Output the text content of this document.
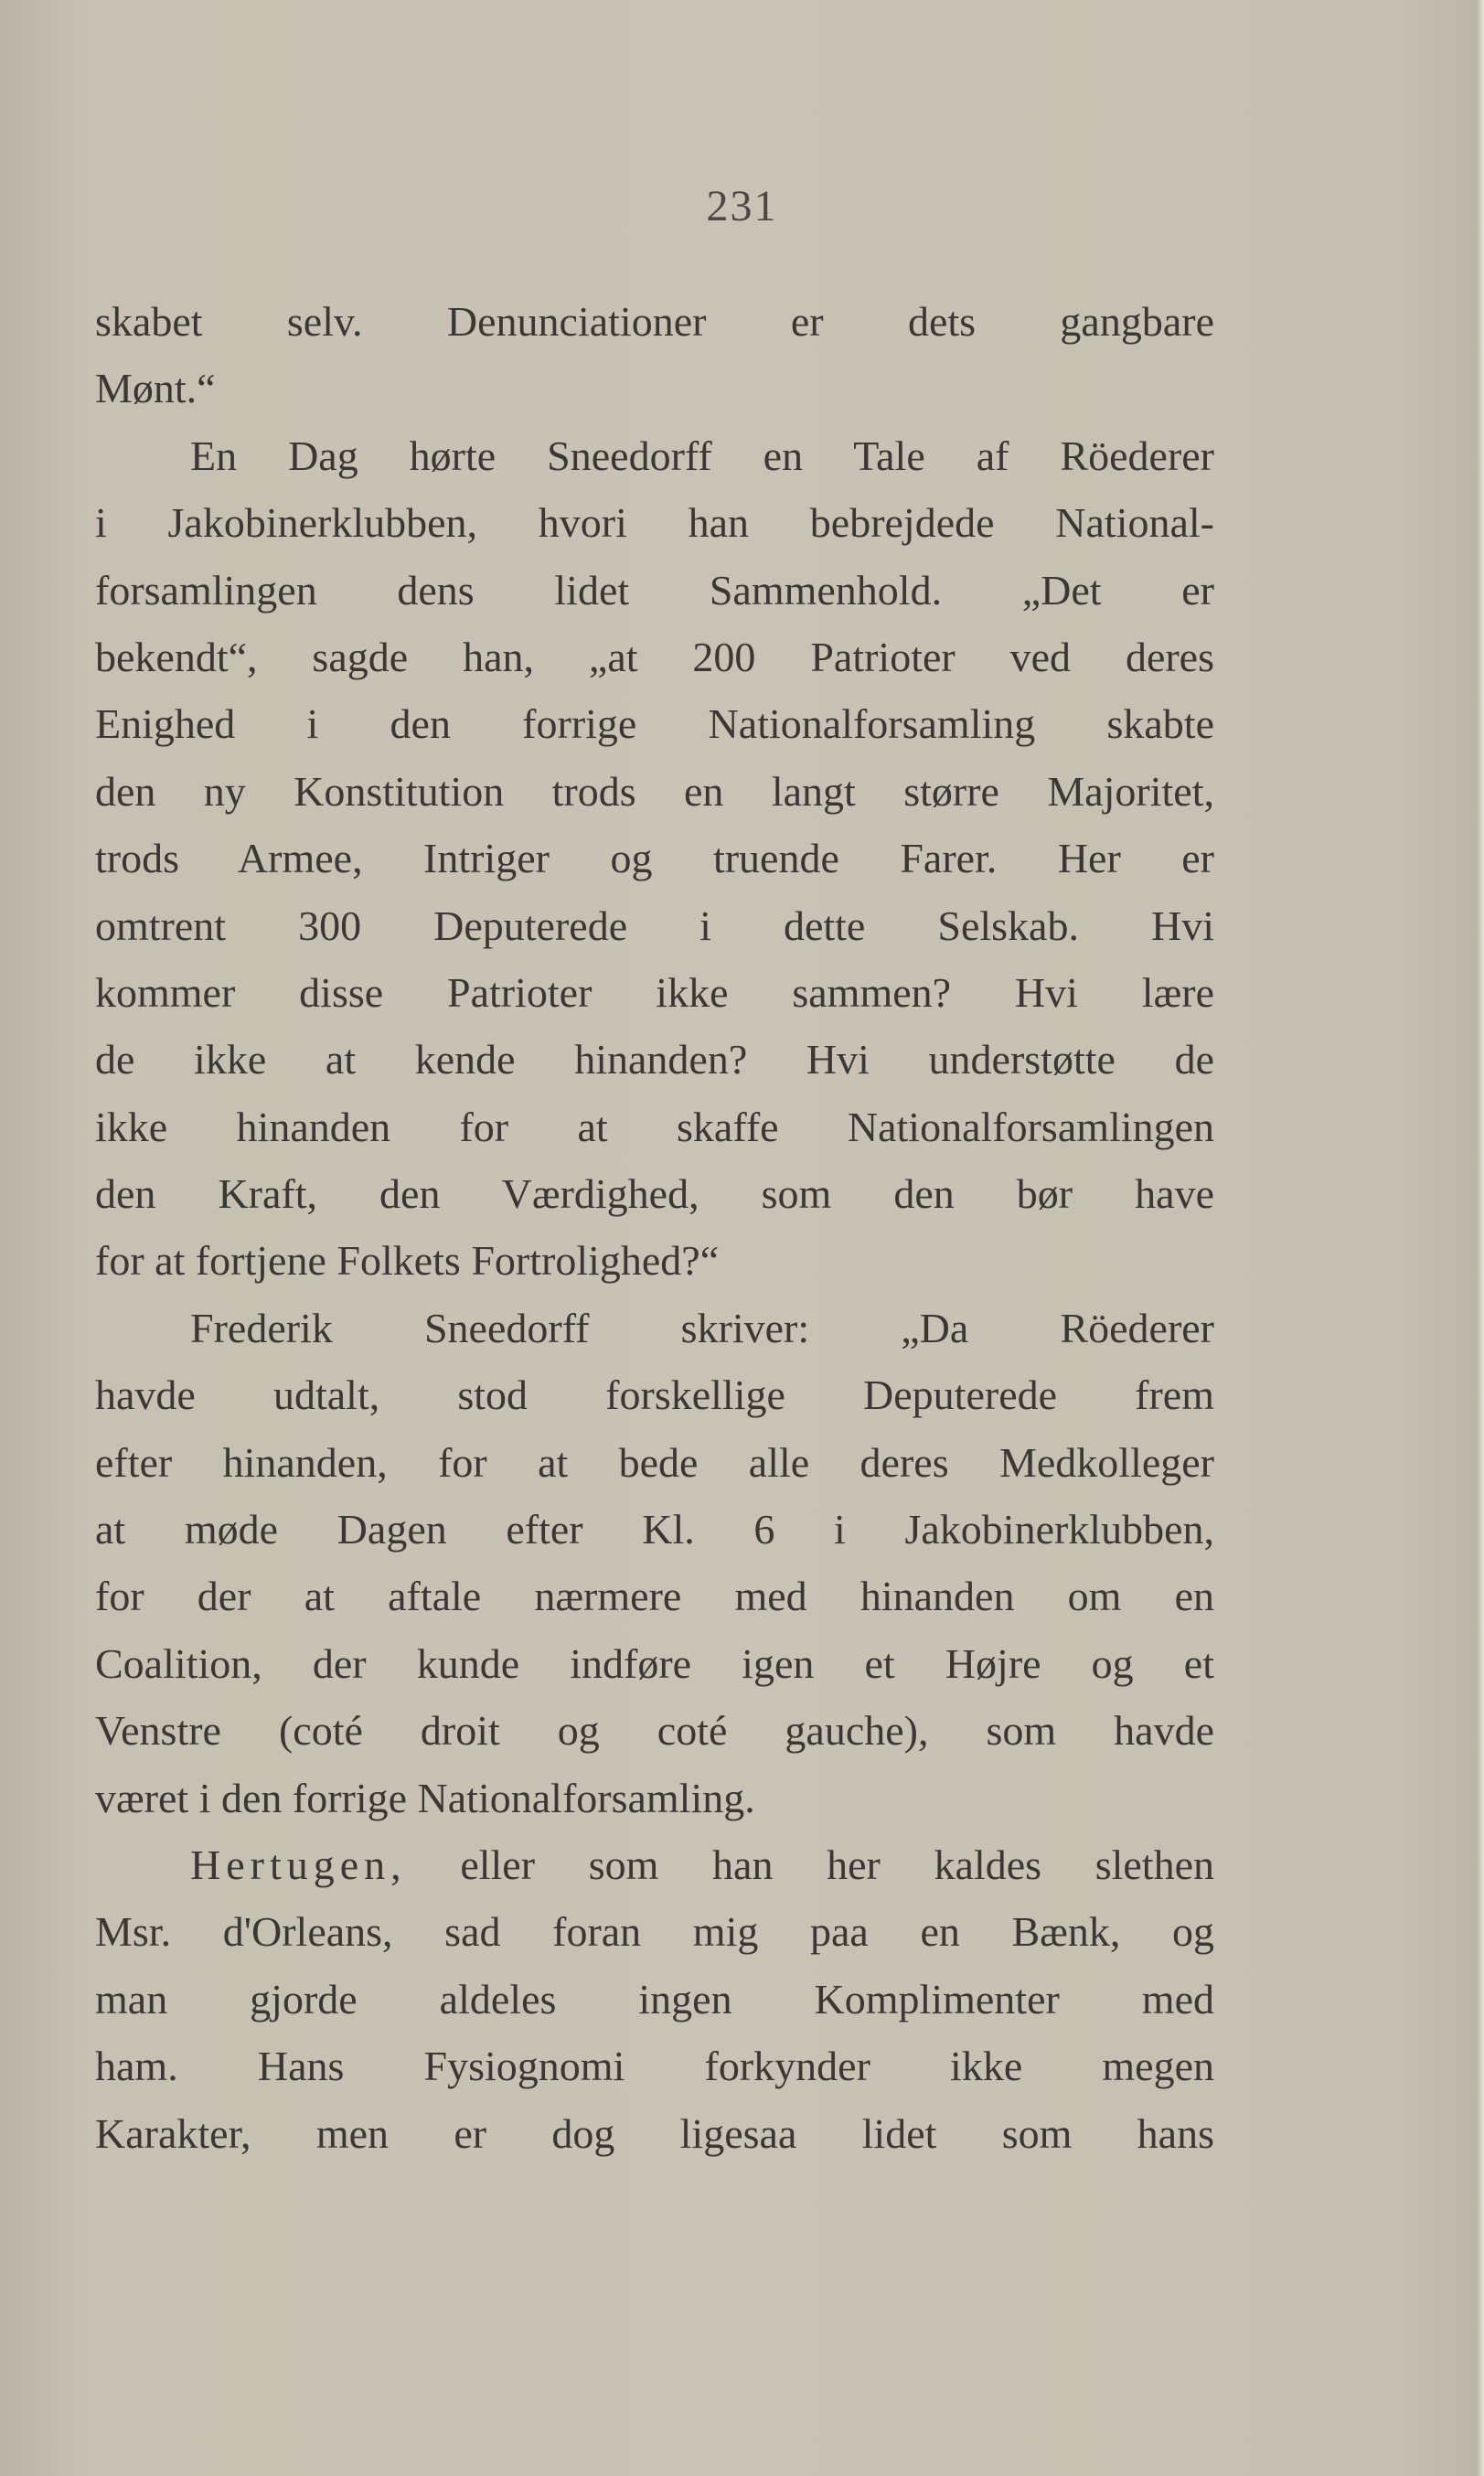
231
skabet selv. Denunciationer er dets gangbare
Mønt.“
En Dag hørte Sneedorff en Tale af Röederer
i Jakobinerklubben, hvori han bebrejdede National-
forsamlingen dens lidet Sammenhold. „Det er
bekendt“, sagde han, „at 200 Patrioter ved deres
Enighed i den forrige Nationalforsamling skabte
den ny Konstitution trods en langt større Majoritet,
trods Armee, Intriger og truende Farer. Her er
omtrent 300 Deputerede i dette Selskab. Hvi
kommer disse Patrioter ikke sammen? Hvi lære
de ikke at kende hinanden? Hvi understøtte de
ikke hinanden for at skaffe Nationalforsamlingen
den Kraft, den Værdighed, som den bør have
for at fortjene Folkets Fortrolighed?“
Frederik Sneedorff skriver: „Da Röederer
havde udtalt, stod forskellige Deputerede frem
efter hinanden, for at bede alle deres Medkolleger
at møde Dagen efter Kl. 6 i Jakobinerklubben,
for der at aftale nærmere med hinanden om en
Coalition, der kunde indføre igen et Højre og et
Venstre (coté droit og coté gauche), som havde
været i den forrige Nationalforsamling.
Hertugen, eller som han her kaldes slethen
Msr. d'Orleans, sad foran mig paa en Bænk, og
man gjorde aldeles ingen Komplimenter med
ham. Hans Fysiognomi forkynder ikke megen
Karakter, men er dog ligesaa lidet som hans
